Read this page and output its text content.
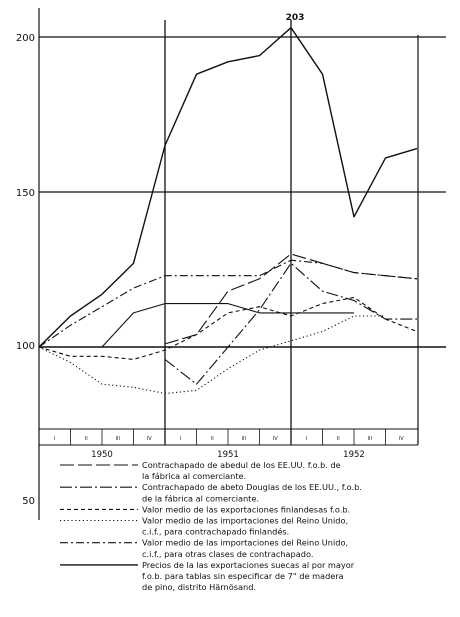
200
150
100
50
I	II	III	IV	I	II	III	IV	I	II	III	IV
1950	1951	1952
203
Contrachapado de abedul de los EE.UU. f.o.b. de
la fábrica al comerciante.
Contrachapado de abeto Douglas de los EE.UU., f.o.b.
de la fábrica al comerciante.
Valor medio de las exportaciones finlandesas f.o.b.
Valor medio de las importaciones del Reino Unido,
c.i.f., para contrachapado finlandés.
Valor medio de las importaciones del Reino Unido,
c.i.f., para otras clases de contrachapado.
Precios de la las exportaciones suecas al por mayor
f.o.b. para tablas sin especificar de 7" de madera
de pino, distrito Härnösand.
